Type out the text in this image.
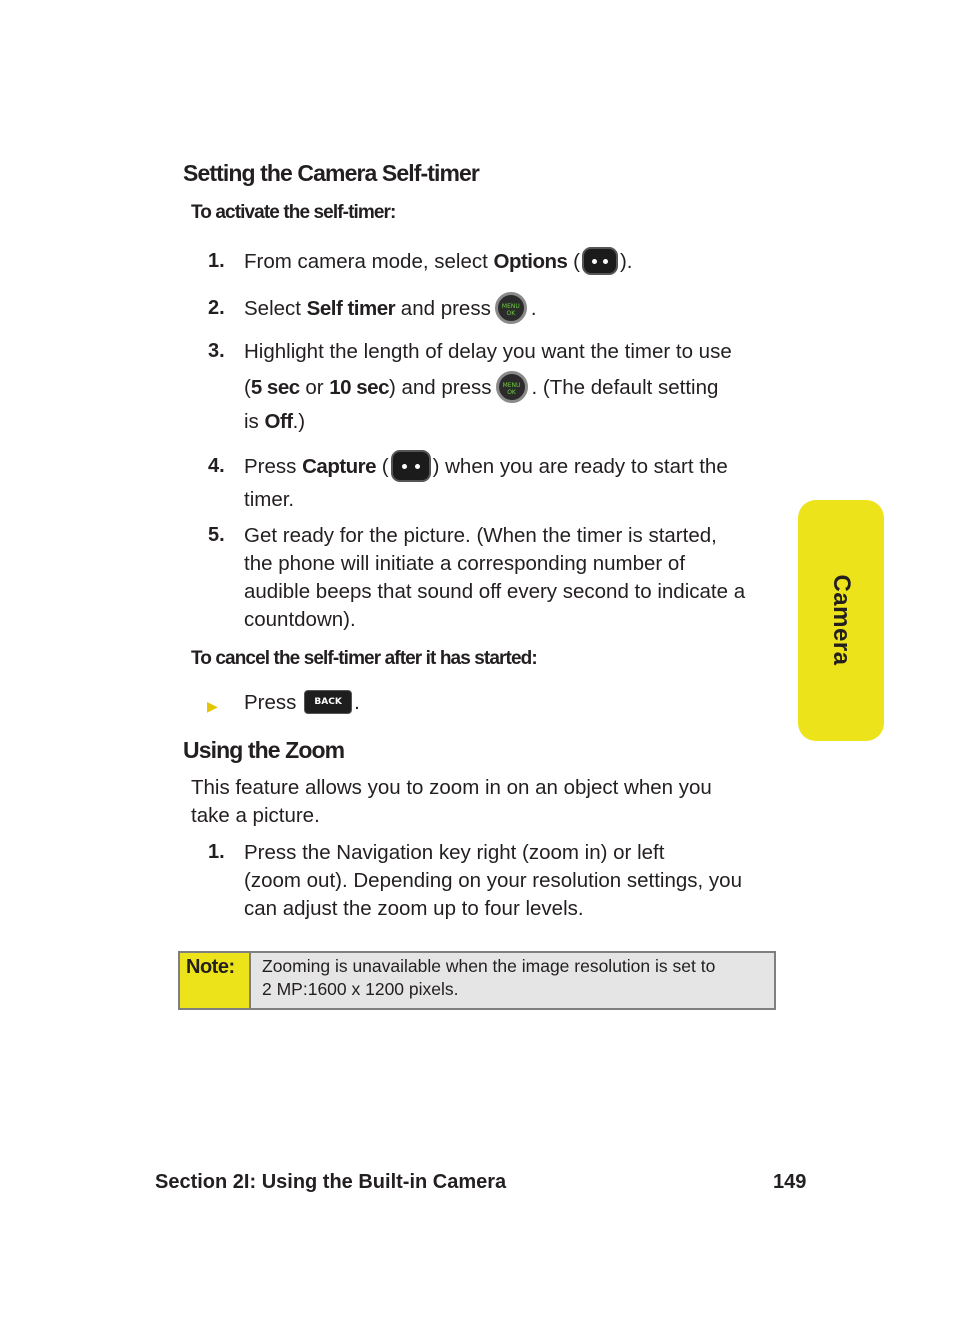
Setting the Camera Self-timer
To activate the self-timer:
1. From camera mode, select Options ( ).
2. Select Self timer and press	MENU
OK .
3. Highlight the length of delay you want the timer to use
(5 sec or 10 sec) and press	MENU
OK . (The default setting
is Off.)
4. Press Capture ( ) when you are ready to start the
timer.
5. Get ready for the picture. (When the timer is started,
the phone will initiate a corresponding number of
audible beeps that sound off every second to indicate a
countdown).
To cancel the self-timer after it has started:
▶ Press BACK .
Using the Zoom
This feature allows you to zoom in on an object when you
take a picture.
1. Press the Navigation key right (zoom in) or left
(zoom out). Depending on your resolution settings, you
can adjust the zoom up to four levels.
Note:	Zooming is unavailable when the image resolution is set to
2 MP:1600 x 1200 pixels.
Camera
Section 2I: Using the Built-in Camera	149
